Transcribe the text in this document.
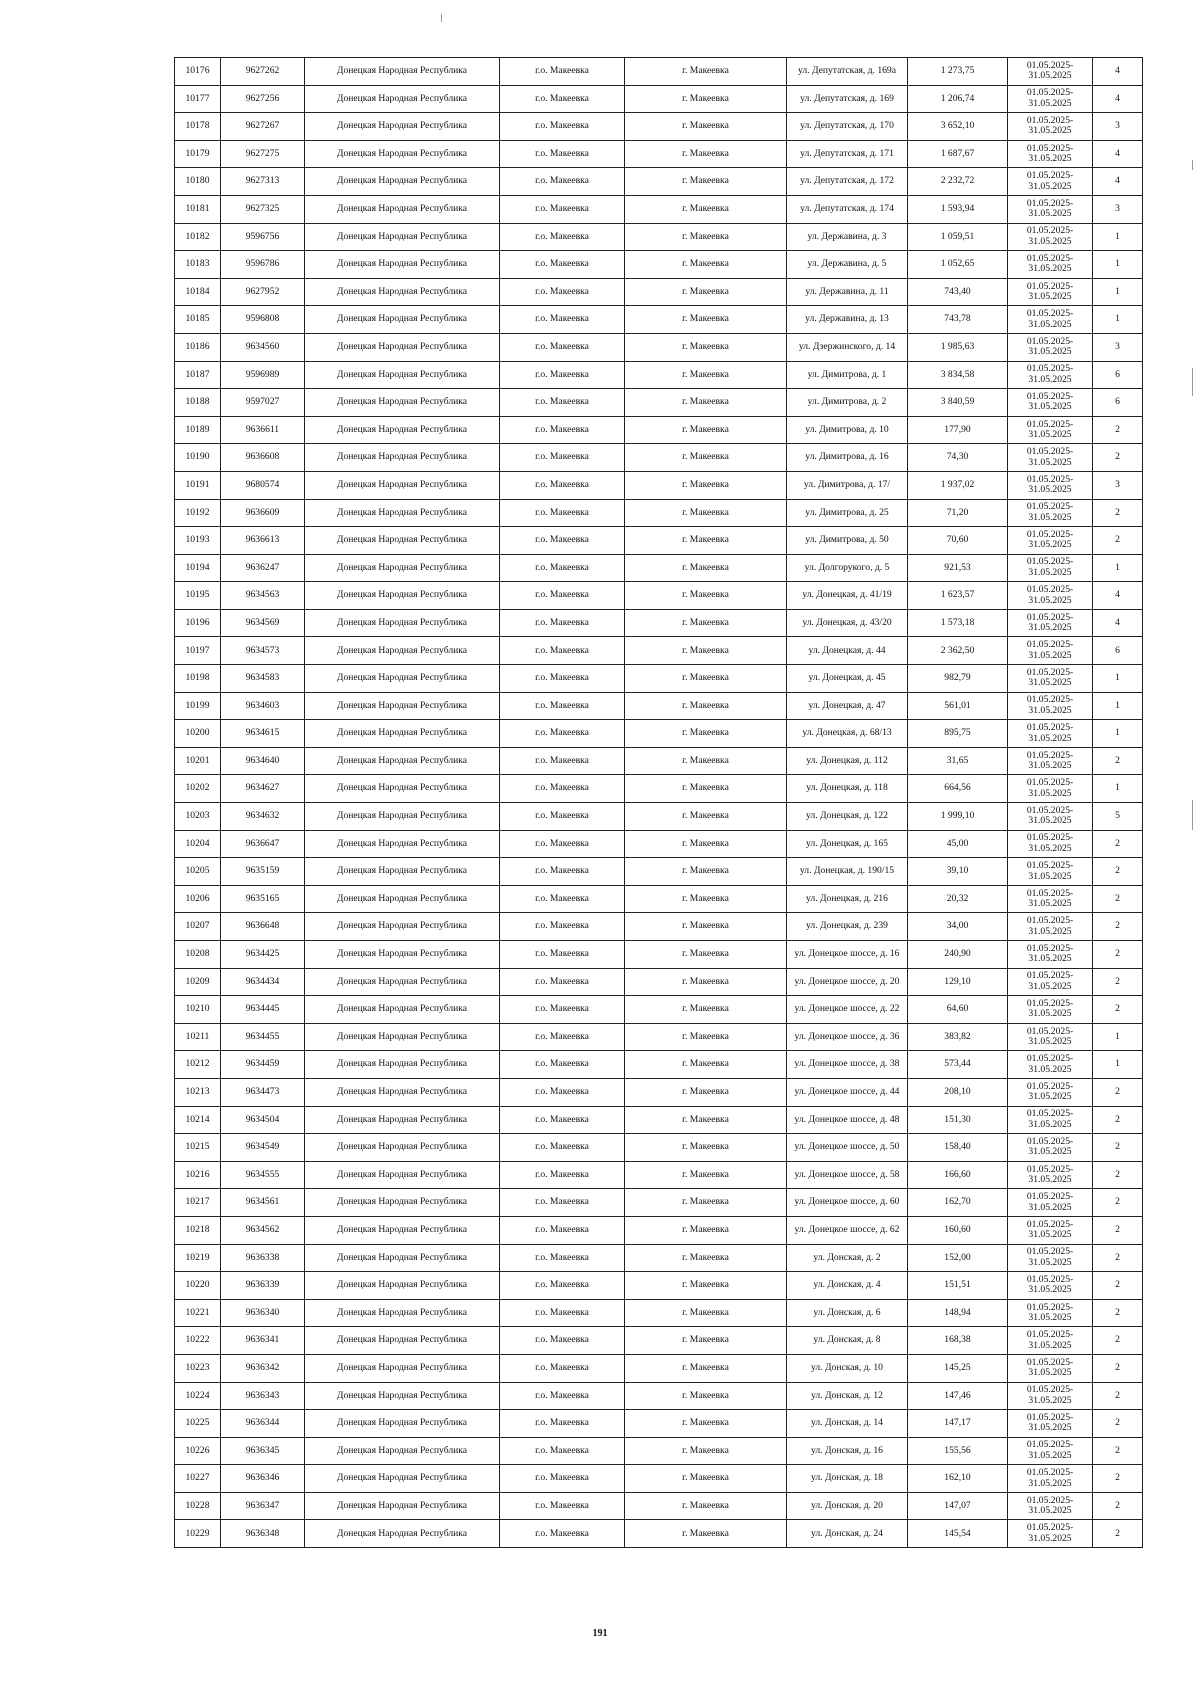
10176	9627262	Донецкая Народная Республика	г.о. Макеевка	г. Макеевка	ул. Депутатская, д. 169а	1 273,75	01.05.2025-31.05.2025	4
10177	9627256	Донецкая Народная Республика	г.о. Макеевка	г. Макеевка	ул. Депутатская, д. 169	1 206,74	01.05.2025-31.05.2025	4
10178	9627267	Донецкая Народная Республика	г.о. Макеевка	г. Макеевка	ул. Депутатская, д. 170	3 652,10	01.05.2025-31.05.2025	3
10179	9627275	Донецкая Народная Республика	г.о. Макеевка	г. Макеевка	ул. Депутатская, д. 171	1 687,67	01.05.2025-31.05.2025	4
10180	9627313	Донецкая Народная Республика	г.о. Макеевка	г. Макеевка	ул. Депутатская, д. 172	2 232,72	01.05.2025-31.05.2025	4
10181	9627325	Донецкая Народная Республика	г.о. Макеевка	г. Макеевка	ул. Депутатская, д. 174	1 593,94	01.05.2025-31.05.2025	3
10182	9596756	Донецкая Народная Республика	г.о. Макеевка	г. Макеевка	ул. Державина, д. 3	1 059,51	01.05.2025-31.05.2025	1
10183	9596786	Донецкая Народная Республика	г.о. Макеевка	г. Макеевка	ул. Державина, д. 5	1 052,65	01.05.2025-31.05.2025	1
10184	9627952	Донецкая Народная Республика	г.о. Макеевка	г. Макеевка	ул. Державина, д. 11	743,40	01.05.2025-31.05.2025	1
10185	9596808	Донецкая Народная Республика	г.о. Макеевка	г. Макеевка	ул. Державина, д. 13	743,78	01.05.2025-31.05.2025	1
10186	9634560	Донецкая Народная Республика	г.о. Макеевка	г. Макеевка	ул. Дзержинского, д. 14	1 985,63	01.05.2025-31.05.2025	3
10187	9596989	Донецкая Народная Республика	г.о. Макеевка	г. Макеевка	ул. Димитрова, д. 1	3 834,58	01.05.2025-31.05.2025	6
10188	9597027	Донецкая Народная Республика	г.о. Макеевка	г. Макеевка	ул. Димитрова, д. 2	3 840,59	01.05.2025-31.05.2025	6
10189	9636611	Донецкая Народная Республика	г.о. Макеевка	г. Макеевка	ул. Димитрова, д. 10	177,90	01.05.2025-31.05.2025	2
10190	9636608	Донецкая Народная Республика	г.о. Макеевка	г. Макеевка	ул. Димитрова, д. 16	74,30	01.05.2025-31.05.2025	2
10191	9680574	Донецкая Народная Республика	г.о. Макеевка	г. Макеевка	ул. Димитрова, д. 17/	1 937,02	01.05.2025-31.05.2025	3
10192	9636609	Донецкая Народная Республика	г.о. Макеевка	г. Макеевка	ул. Димитрова, д. 25	71,20	01.05.2025-31.05.2025	2
10193	9636613	Донецкая Народная Республика	г.о. Макеевка	г. Макеевка	ул. Димитрова, д. 50	70,60	01.05.2025-31.05.2025	2
10194	9636247	Донецкая Народная Республика	г.о. Макеевка	г. Макеевка	ул. Долгорукого, д. 5	921,53	01.05.2025-31.05.2025	1
10195	9634563	Донецкая Народная Республика	г.о. Макеевка	г. Макеевка	ул. Донецкая, д. 41/19	1 623,57	01.05.2025-31.05.2025	4
10196	9634569	Донецкая Народная Республика	г.о. Макеевка	г. Макеевка	ул. Донецкая, д. 43/20	1 573,18	01.05.2025-31.05.2025	4
10197	9634573	Донецкая Народная Республика	г.о. Макеевка	г. Макеевка	ул. Донецкая, д. 44	2 362,50	01.05.2025-31.05.2025	6
10198	9634583	Донецкая Народная Республика	г.о. Макеевка	г. Макеевка	ул. Донецкая, д. 45	982,79	01.05.2025-31.05.2025	1
10199	9634603	Донецкая Народная Республика	г.о. Макеевка	г. Макеевка	ул. Донецкая, д. 47	561,01	01.05.2025-31.05.2025	1
10200	9634615	Донецкая Народная Республика	г.о. Макеевка	г. Макеевка	ул. Донецкая, д. 68/13	895,75	01.05.2025-31.05.2025	1
10201	9634640	Донецкая Народная Республика	г.о. Макеевка	г. Макеевка	ул. Донецкая, д. 112	31,65	01.05.2025-31.05.2025	2
10202	9634627	Донецкая Народная Республика	г.о. Макеевка	г. Макеевка	ул. Донецкая, д. 118	664,56	01.05.2025-31.05.2025	1
10203	9634632	Донецкая Народная Республика	г.о. Макеевка	г. Макеевка	ул. Донецкая, д. 122	1 999,10	01.05.2025-31.05.2025	5
10204	9636647	Донецкая Народная Республика	г.о. Макеевка	г. Макеевка	ул. Донецкая, д. 165	45,00	01.05.2025-31.05.2025	2
10205	9635159	Донецкая Народная Республика	г.о. Макеевка	г. Макеевка	ул. Донецкая, д. 190/15	39,10	01.05.2025-31.05.2025	2
10206	9635165	Донецкая Народная Республика	г.о. Макеевка	г. Макеевка	ул. Донецкая, д. 216	20,32	01.05.2025-31.05.2025	2
10207	9636648	Донецкая Народная Республика	г.о. Макеевка	г. Макеевка	ул. Донецкая, д. 239	34,00	01.05.2025-31.05.2025	2
10208	9634425	Донецкая Народная Республика	г.о. Макеевка	г. Макеевка	ул. Донецкое шоссе, д. 16	240,90	01.05.2025-31.05.2025	2
10209	9634434	Донецкая Народная Республика	г.о. Макеевка	г. Макеевка	ул. Донецкое шоссе, д. 20	129,10	01.05.2025-31.05.2025	2
10210	9634445	Донецкая Народная Республика	г.о. Макеевка	г. Макеевка	ул. Донецкое шоссе, д. 22	64,60	01.05.2025-31.05.2025	2
10211	9634455	Донецкая Народная Республика	г.о. Макеевка	г. Макеевка	ул. Донецкое шоссе, д. 36	383,82	01.05.2025-31.05.2025	1
10212	9634459	Донецкая Народная Республика	г.о. Макеевка	г. Макеевка	ул. Донецкое шоссе, д. 38	573,44	01.05.2025-31.05.2025	1
10213	9634473	Донецкая Народная Республика	г.о. Макеевка	г. Макеевка	ул. Донецкое шоссе, д. 44	208,10	01.05.2025-31.05.2025	2
10214	9634504	Донецкая Народная Республика	г.о. Макеевка	г. Макеевка	ул. Донецкое шоссе, д. 48	151,30	01.05.2025-31.05.2025	2
10215	9634549	Донецкая Народная Республика	г.о. Макеевка	г. Макеевка	ул. Донецкое шоссе, д. 50	158,40	01.05.2025-31.05.2025	2
10216	9634555	Донецкая Народная Республика	г.о. Макеевка	г. Макеевка	ул. Донецкое шоссе, д. 58	166,60	01.05.2025-31.05.2025	2
10217	9634561	Донецкая Народная Республика	г.о. Макеевка	г. Макеевка	ул. Донецкое шоссе, д. 60	162,70	01.05.2025-31.05.2025	2
10218	9634562	Донецкая Народная Республика	г.о. Макеевка	г. Макеевка	ул. Донецкое шоссе, д. 62	160,60	01.05.2025-31.05.2025	2
10219	9636338	Донецкая Народная Республика	г.о. Макеевка	г. Макеевка	ул. Донская, д. 2	152,00	01.05.2025-31.05.2025	2
10220	9636339	Донецкая Народная Республика	г.о. Макеевка	г. Макеевка	ул. Донская, д. 4	151,51	01.05.2025-31.05.2025	2
10221	9636340	Донецкая Народная Республика	г.о. Макеевка	г. Макеевка	ул. Донская, д. 6	148,94	01.05.2025-31.05.2025	2
10222	9636341	Донецкая Народная Республика	г.о. Макеевка	г. Макеевка	ул. Донская, д. 8	168,38	01.05.2025-31.05.2025	2
10223	9636342	Донецкая Народная Республика	г.о. Макеевка	г. Макеевка	ул. Донская, д. 10	145,25	01.05.2025-31.05.2025	2
10224	9636343	Донецкая Народная Республика	г.о. Макеевка	г. Макеевка	ул. Донская, д. 12	147,46	01.05.2025-31.05.2025	2
10225	9636344	Донецкая Народная Республика	г.о. Макеевка	г. Макеевка	ул. Донская, д. 14	147,17	01.05.2025-31.05.2025	2
10226	9636345	Донецкая Народная Республика	г.о. Макеевка	г. Макеевка	ул. Донская, д. 16	155,56	01.05.2025-31.05.2025	2
10227	9636346	Донецкая Народная Республика	г.о. Макеевка	г. Макеевка	ул. Донская, д. 18	162,10	01.05.2025-31.05.2025	2
10228	9636347	Донецкая Народная Республика	г.о. Макеевка	г. Макеевка	ул. Донская, д. 20	147,07	01.05.2025-31.05.2025	2
10229	9636348	Донецкая Народная Республика	г.о. Макеевка	г. Макеевка	ул. Донская, д. 24	145,54	01.05.2025-31.05.2025	2
191
